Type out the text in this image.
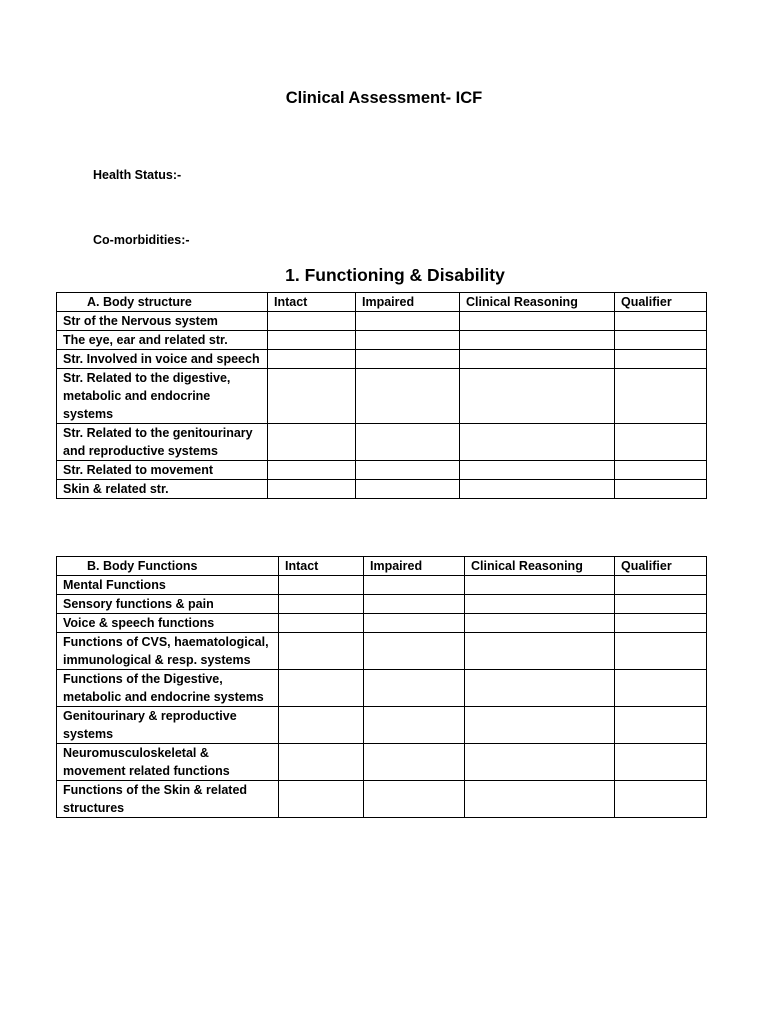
Clinical Assessment- ICF
Health Status:-
Co-morbidities:-
1. Functioning & Disability
A. Body structure	Intact	Impaired	Clinical Reasoning	Qualifier
Str of the Nervous system				
The eye, ear and related str.				
Str. Involved in voice and speech				
Str. Related to the digestive, metabolic and endocrine systems				
Str. Related to the genitourinary and reproductive systems				
Str. Related to movement				
Skin & related str.				
B. Body Functions	Intact	Impaired	Clinical Reasoning	Qualifier
Mental Functions				
Sensory functions & pain				
Voice & speech functions				
Functions of CVS, haematological, immunological & resp. systems				
Functions of the Digestive, metabolic and endocrine systems				
Genitourinary & reproductive systems				
Neuromusculoskeletal & movement related functions				
Functions of the Skin & related structures				
